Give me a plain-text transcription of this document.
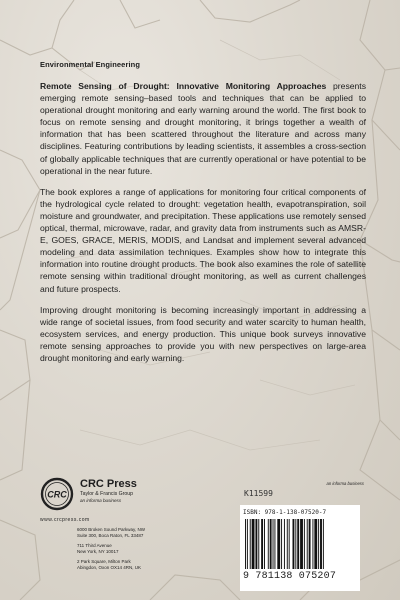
Environmental Engineering

Remote Sensing of Drought: Innovative Monitoring Approaches presents emerging remote sensing–based tools and techniques that can be applied to operational drought monitoring and early warning around the world. The first book to focus on remote sensing and drought monitoring, it brings together a wealth of information that has been scattered throughout the literature and across many disciplines. Featuring contributions by leading scientists, it assembles a cross-section of globally applicable techniques that are currently operational or have potential to be operational in the near future.

The book explores a range of applications for monitoring four critical components of the hydrological cycle related to drought: vegetation health, evapotranspiration, soil moisture and groundwater, and precipitation. These applications use remotely sensed optical, thermal, microwave, radar, and gravity data from instruments such as AMSR-E, GOES, GRACE, MERIS, MODIS, and Landsat and implement several advanced modeling and data assimilation techniques. Examples show how to integrate this information into routine drought products. The book also examines the role of satellite remote sensing within traditional drought monitoring, as well as current challenges and future prospects.

Improving drought monitoring is becoming increasingly important in addressing a wide range of societal issues, from food security and water scarcity to human health, ecosystem services, and energy production. This unique book surveys innovative remote sensing approaches to provide you with new perspectives on large-area drought monitoring and early warning.

CRC
CRC Press
Taylor & Francis Group
an informa business
www.crcpress.com
6000 Broken Sound Parkway, NW
Suite 300, Boca Raton, FL 33487
711 Third Avenue
New York, NY 10017
2 Park Square, Milton Park
Abingdon, Oxon OX14 4RN, UK
an informa business
K11599
ISBN: 978-1-138-07520-7
9 781138 075207
